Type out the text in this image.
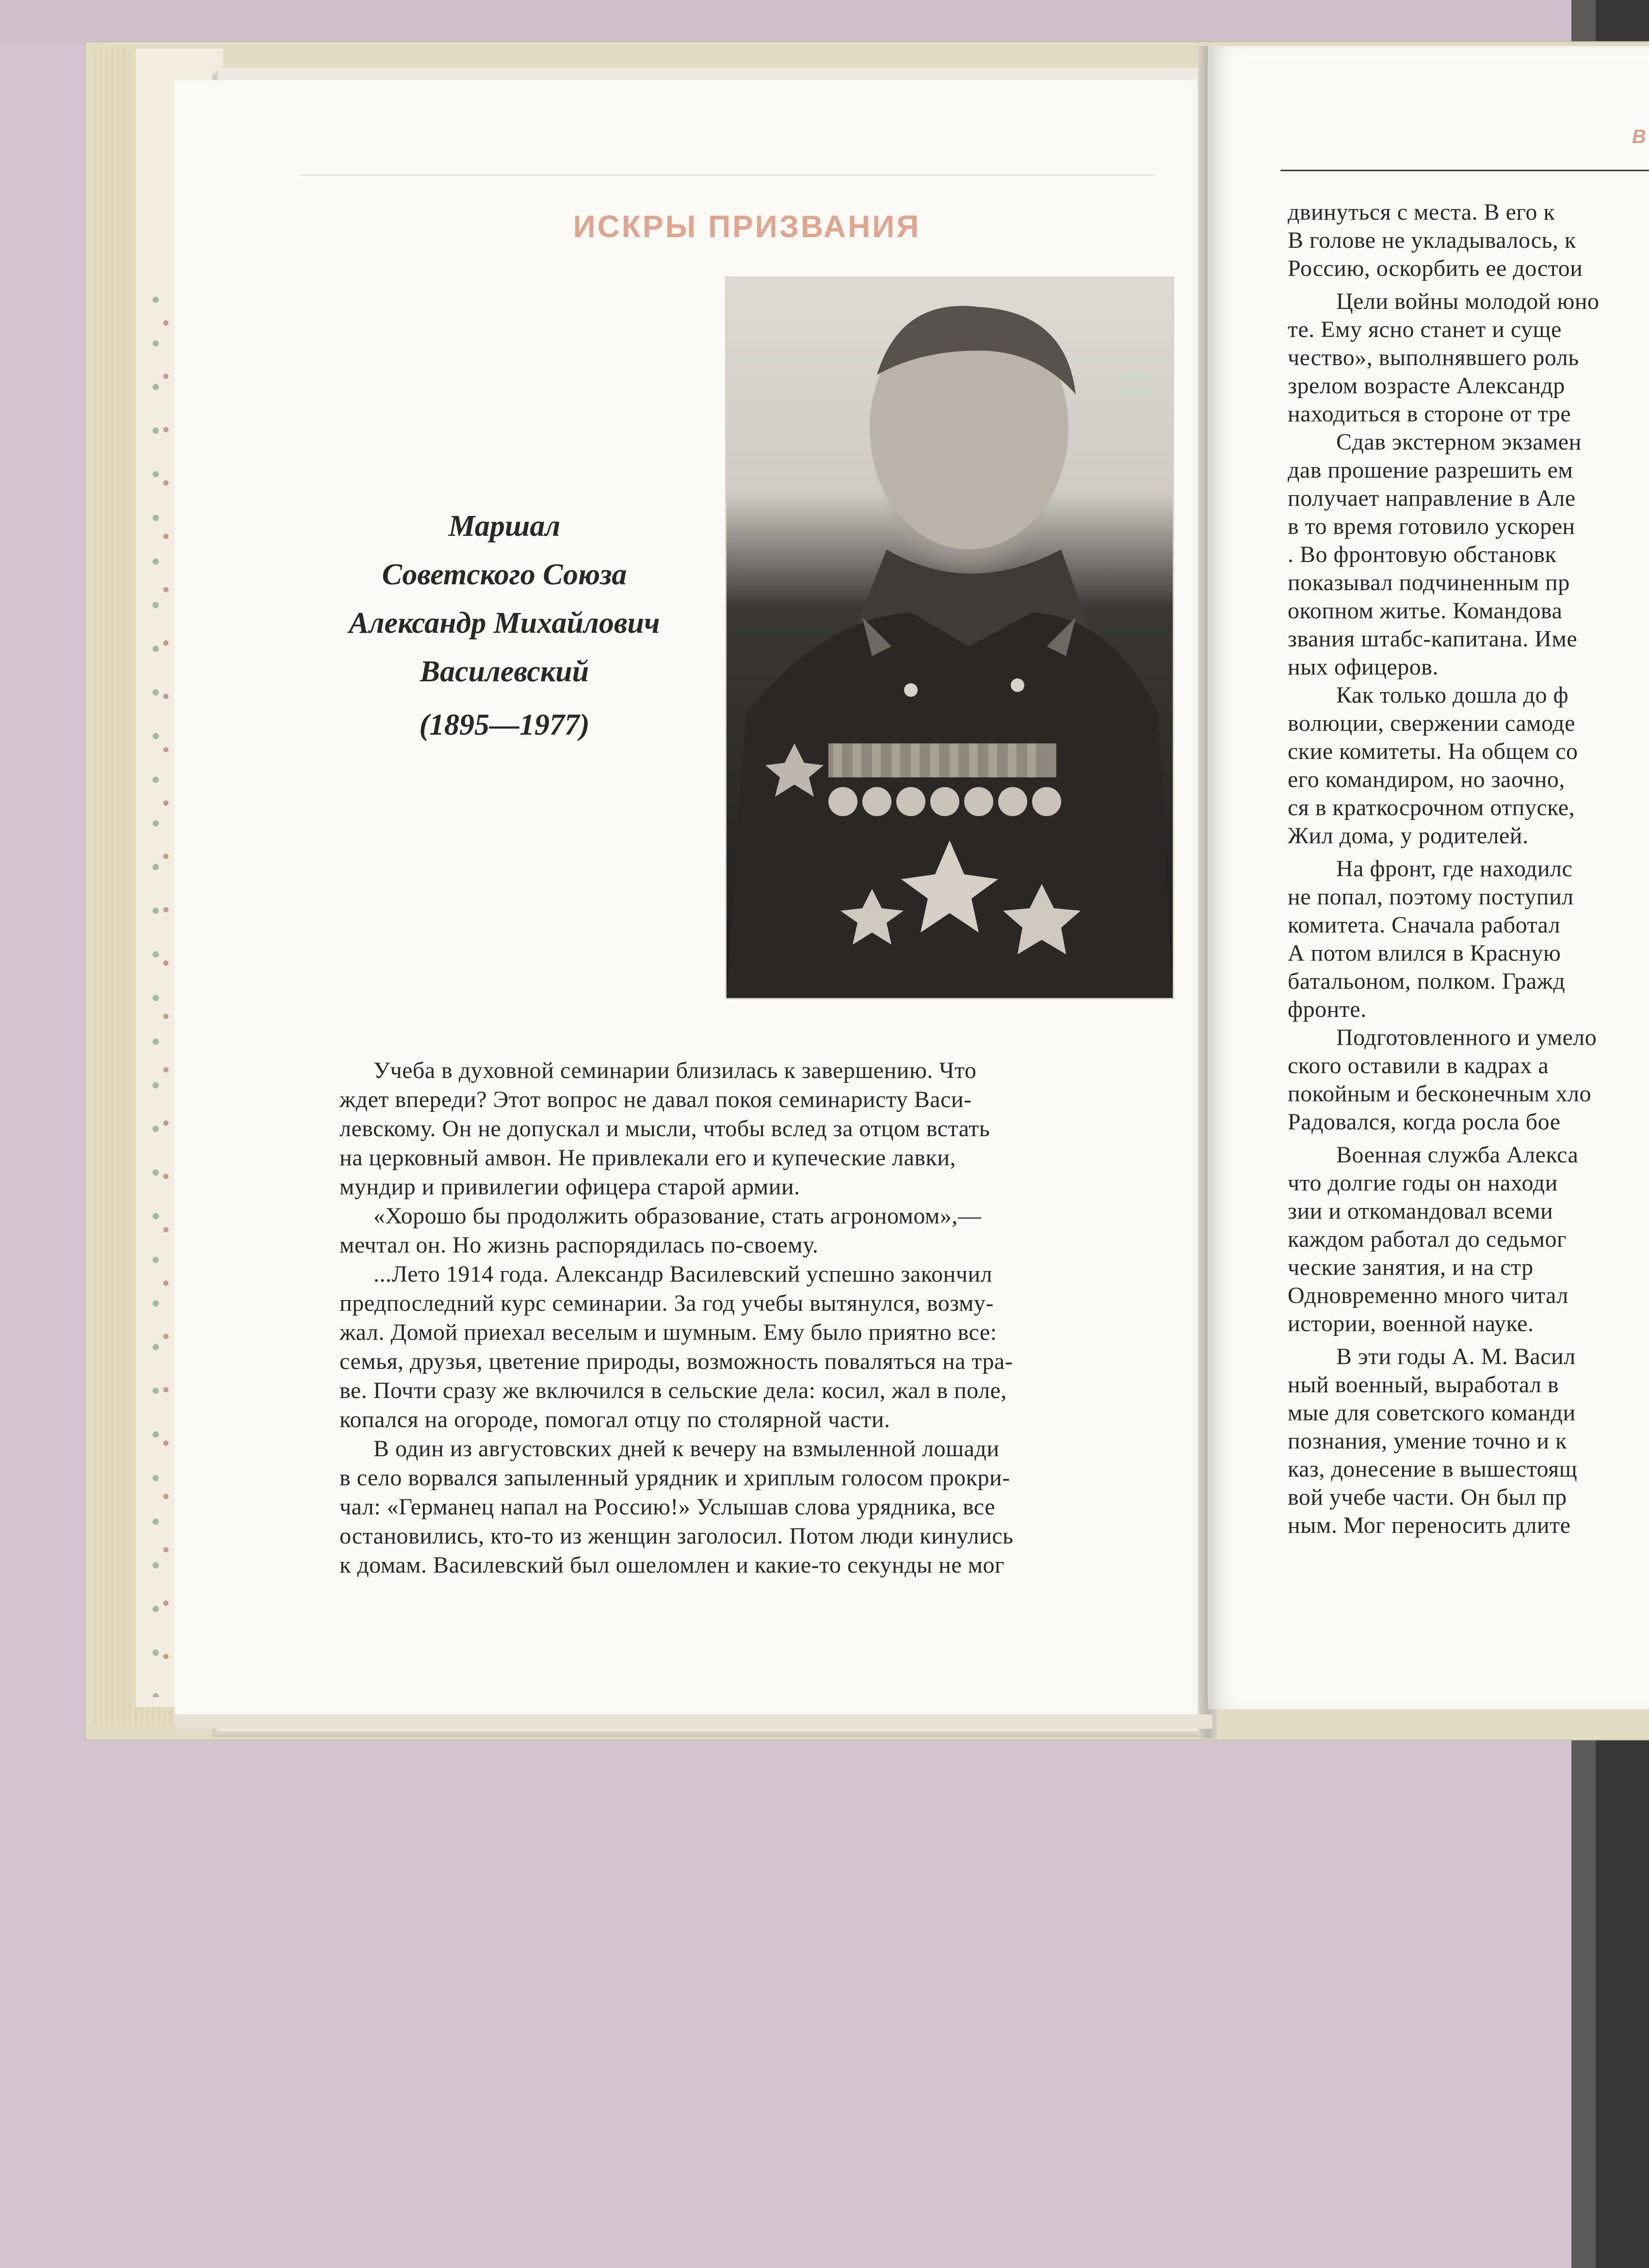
ИСКРЫ ПРИЗВАНИЯ
Маршал
Советского Союза
Александр Михайлович
Василевский
(1895—1977)
Учеба в духовной семинарии близилась к завершению. Что
ждет впереди? Этот вопрос не давал покоя семинаристу Васи-
левскому. Он не допускал и мысли, чтобы вслед за отцом встать
на церковный амвон. Не привлекали его и купеческие лавки,
мундир и привилегии офицера старой армии.
«Хорошо бы продолжить образование, стать агрономом»,—
мечтал он. Но жизнь распорядилась по-своему.
...Лето 1914 года. Александр Василевский успешно закончил
предпоследний курс семинарии. За год учебы вытянулся, возму-
жал. Домой приехал веселым и шумным. Ему было приятно все:
семья, друзья, цветение природы, возможность поваляться на тра-
ве. Почти сразу же включился в сельские дела: косил, жал в поле,
копался на огороде, помогал отцу по столярной части.
В один из августовских дней к вечеру на взмыленной лошади
в село ворвался запыленный урядник и хриплым голосом прокри-
чал: «Германец напал на Россию!» Услышав слова урядника, все
остановились, кто-то из женщин заголосил. Потом люди кинулись
к домам. Василевский был ошеломлен и какие-то секунды не мог
В
двинуться с места. В его к
В голове не укладывалось, к
Россию, оскорбить ее достои
Цели войны молодой юно
те. Ему ясно станет и суще
чество», выполнявшего роль
зрелом возрасте Александр
находиться в стороне от тре
Сдав экстерном экзамен
дав прошение разрешить ем
получает направление в Але
в то время готовило ускорен
. Во фронтовую обстановк
показывал подчиненным пр
окопном житье. Командова
звания штабс-капитана. Име
ных офицеров.
Как только дошла до ф
волюции, свержении самоде
ские комитеты. На общем со
его командиром, но заочно,
ся в краткосрочном отпуске,
Жил дома, у родителей.
На фронт, где находилс
не попал, поэтому поступил
комитета. Сначала работал
А потом влился в Красную
батальоном, полком. Гражд
фронте.
Подготовленного и умело
ского оставили в кадрах а
покойным и бесконечным хло
Радовался, когда росла бое
Военная служба Алекса
что долгие годы он находи
зии и откомандовал всеми
каждом работал до седьмог
ческие занятия, и на стр
Одновременно много читал
истории, военной науке.
В эти годы А. М. Васил
ный военный, выработал в
мые для советского команди
познания, умение точно и к
каз, донесение в вышестоящ
вой учебе части. Он был пр
ным. Мог переносить длите
